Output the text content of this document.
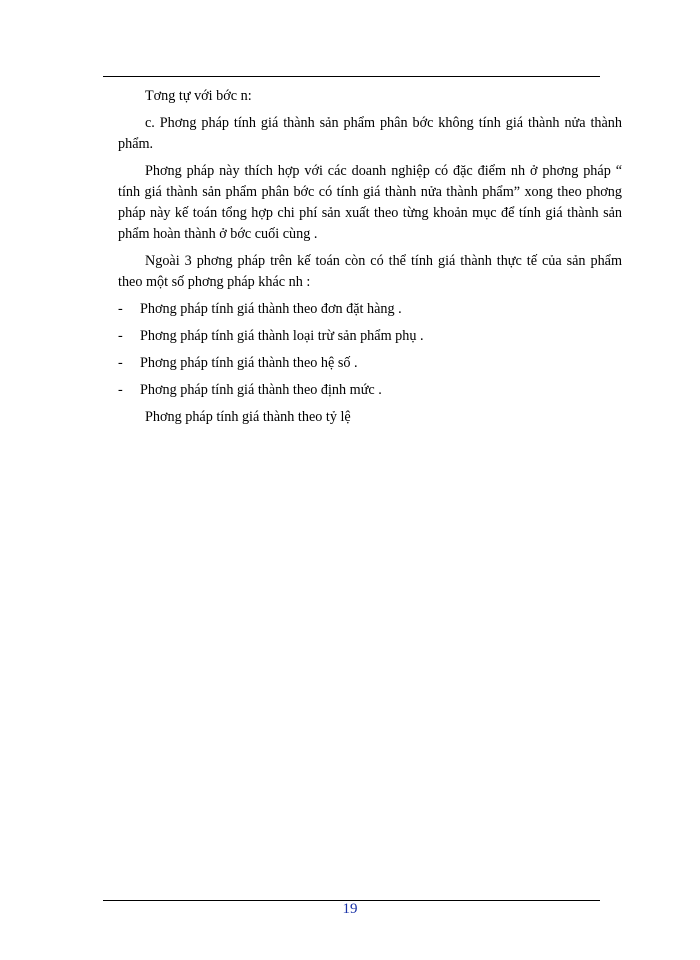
Tơng tự với bớc n:

c. Phơng pháp tính giá thành sản phẩm phân bớc không tính giá thành nửa thành phẩm.

Phơng pháp này thích hợp với các doanh nghiệp có đặc điểm nh ở phơng pháp “ tính giá thành sản phẩm phân bớc có tính giá thành nửa thành phẩm” xong theo phơng pháp này kế toán tổng hợp chi phí sản xuất theo từng khoản mục để tính giá thành sản phẩm hoàn thành ở bớc cuối cùng .

Ngoài 3 phơng pháp trên kế toán còn có thể tính giá thành thực tế của sản phẩm theo một số phơng pháp khác nh :

- Phơng pháp tính giá thành theo đơn đặt hàng .
- Phơng pháp tính giá thành loại trừ sản phẩm phụ .
- Phơng pháp tính giá thành theo hệ số .
- Phơng pháp tính giá thành theo định mức .

Phơng pháp tính giá thành theo tỷ lệ

19
